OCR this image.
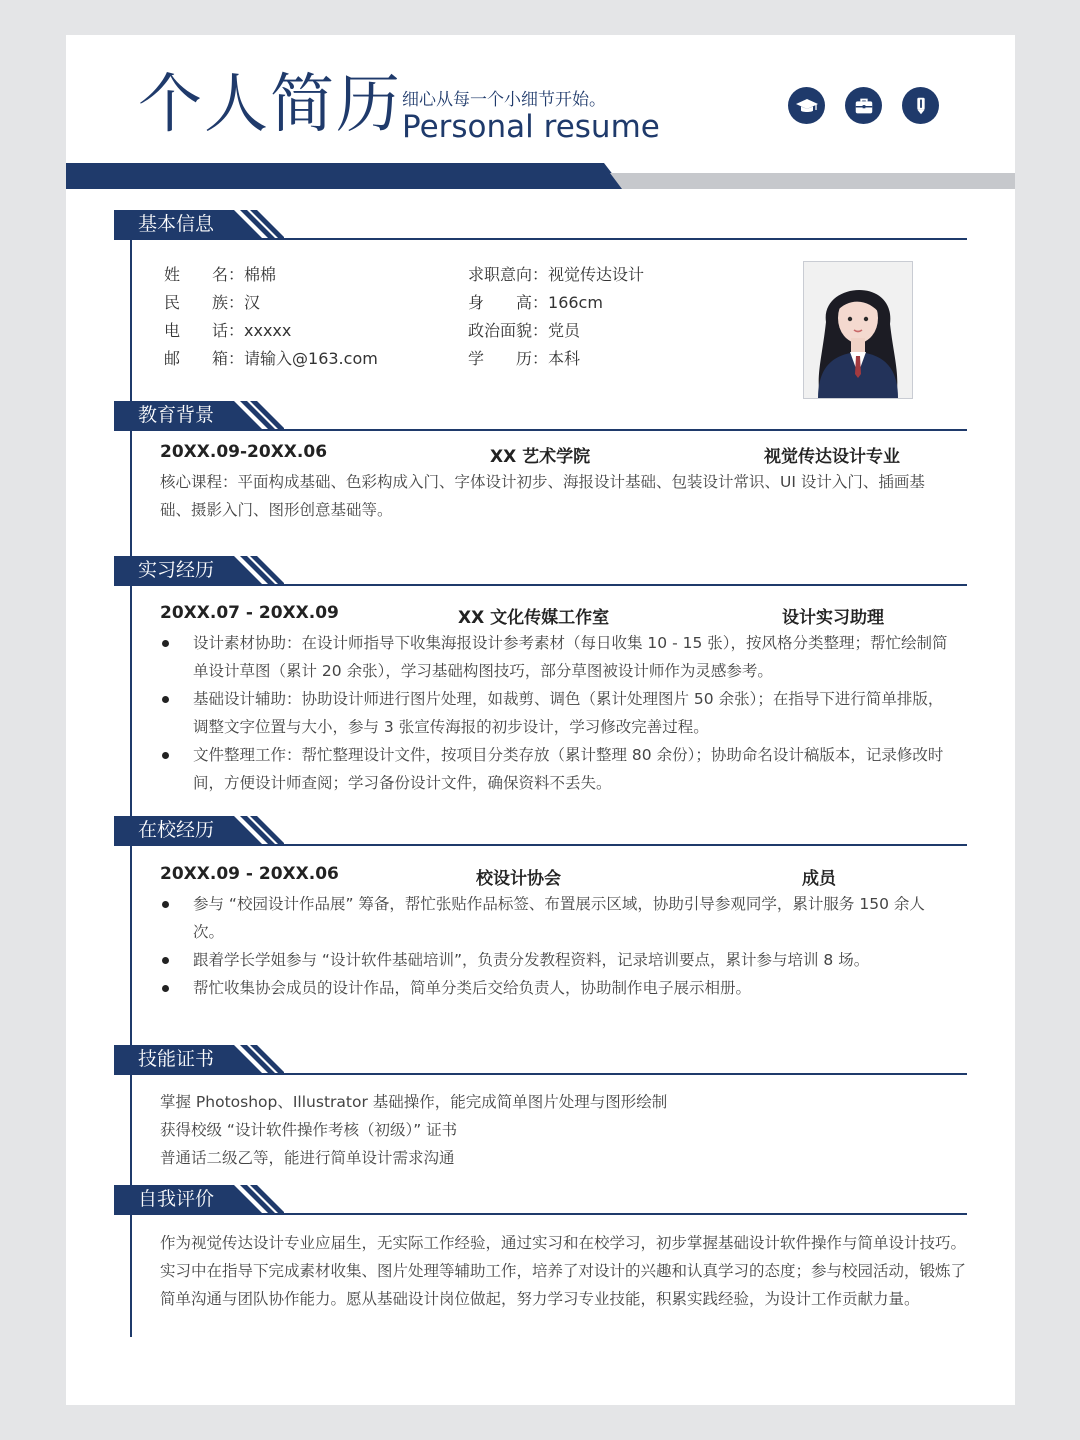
个人简历 细心从每一个小细节开始。
Personal resume
基本信息
姓　　名：棉棉
民　　族：汉
电　　话：xxxxx
邮　　箱：请输入@163.com
求职意向：视觉传达设计
身　　高：166cm
政治面貌：党员
学　　历：本科
教育背景
20XX.09-20XX.06	XX 艺术学院	视觉传达设计专业
核心课程：平面构成基础、色彩构成入门、字体设计初步、海报设计基础、包装设计常识、UI 设计入门、插画基础、摄影入门、图形创意基础等。
实习经历
20XX.07 - 20XX.09	XX 文化传媒工作室	设计实习助理
设计素材协助：在设计师指导下收集海报设计参考素材（每日收集 10 - 15 张），按风格分类整理；帮忙绘制简单设计草图（累计 20 余张），学习基础构图技巧，部分草图被设计师作为灵感参考。
基础设计辅助：协助设计师进行图片处理，如裁剪、调色（累计处理图片 50 余张）；在指导下进行简单排版，调整文字位置与大小，参与 3 张宣传海报的初步设计，学习修改完善过程。
文件整理工作：帮忙整理设计文件，按项目分类存放（累计整理 80 余份）；协助命名设计稿版本，记录修改时间，方便设计师查阅；学习备份设计文件，确保资料不丢失。
在校经历
20XX.09 - 20XX.06	校设计协会	成员
参与 “校园设计作品展” 筹备，帮忙张贴作品标签、布置展示区域，协助引导参观同学，累计服务 150 余人次。
跟着学长学姐参与 “设计软件基础培训”，负责分发教程资料，记录培训要点，累计参与培训 8 场。
帮忙收集协会成员的设计作品，简单分类后交给负责人，协助制作电子展示相册。
技能证书
掌握 Photoshop、Illustrator 基础操作，能完成简单图片处理与图形绘制
获得校级 “设计软件操作考核（初级）” 证书
普通话二级乙等，能进行简单设计需求沟通
自我评价
作为视觉传达设计专业应届生，无实际工作经验，通过实习和在校学习，初步掌握基础设计软件操作与简单设计技巧。实习中在指导下完成素材收集、图片处理等辅助工作，培养了对设计的兴趣和认真学习的态度；参与校园活动，锻炼了简单沟通与团队协作能力。愿从基础设计岗位做起，努力学习专业技能，积累实践经验，为设计工作贡献力量。
